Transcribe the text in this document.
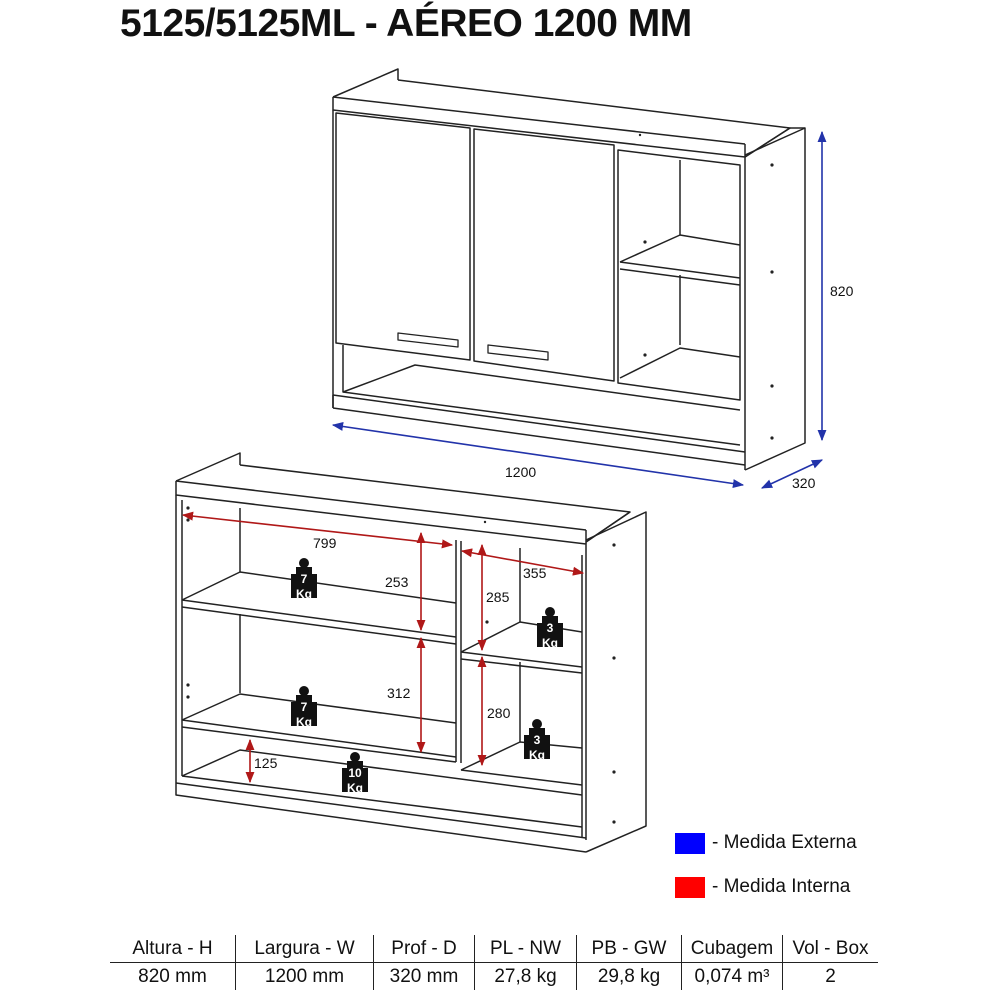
5125/5125ML - AÉREO 1200 MM
820
1200
320
799
253
312
125
355
285
280
7
Kg
3
Kg
7
Kg
3
Kg
10
Kg
- Medida Externa
- Medida Interna
Altura - H	Largura - W	Prof - D	PL - NW	PB - GW	Cubagem	Vol - Box
820 mm	1200 mm	320 mm	27,8 kg	29,8 kg	0,074 m³	2
